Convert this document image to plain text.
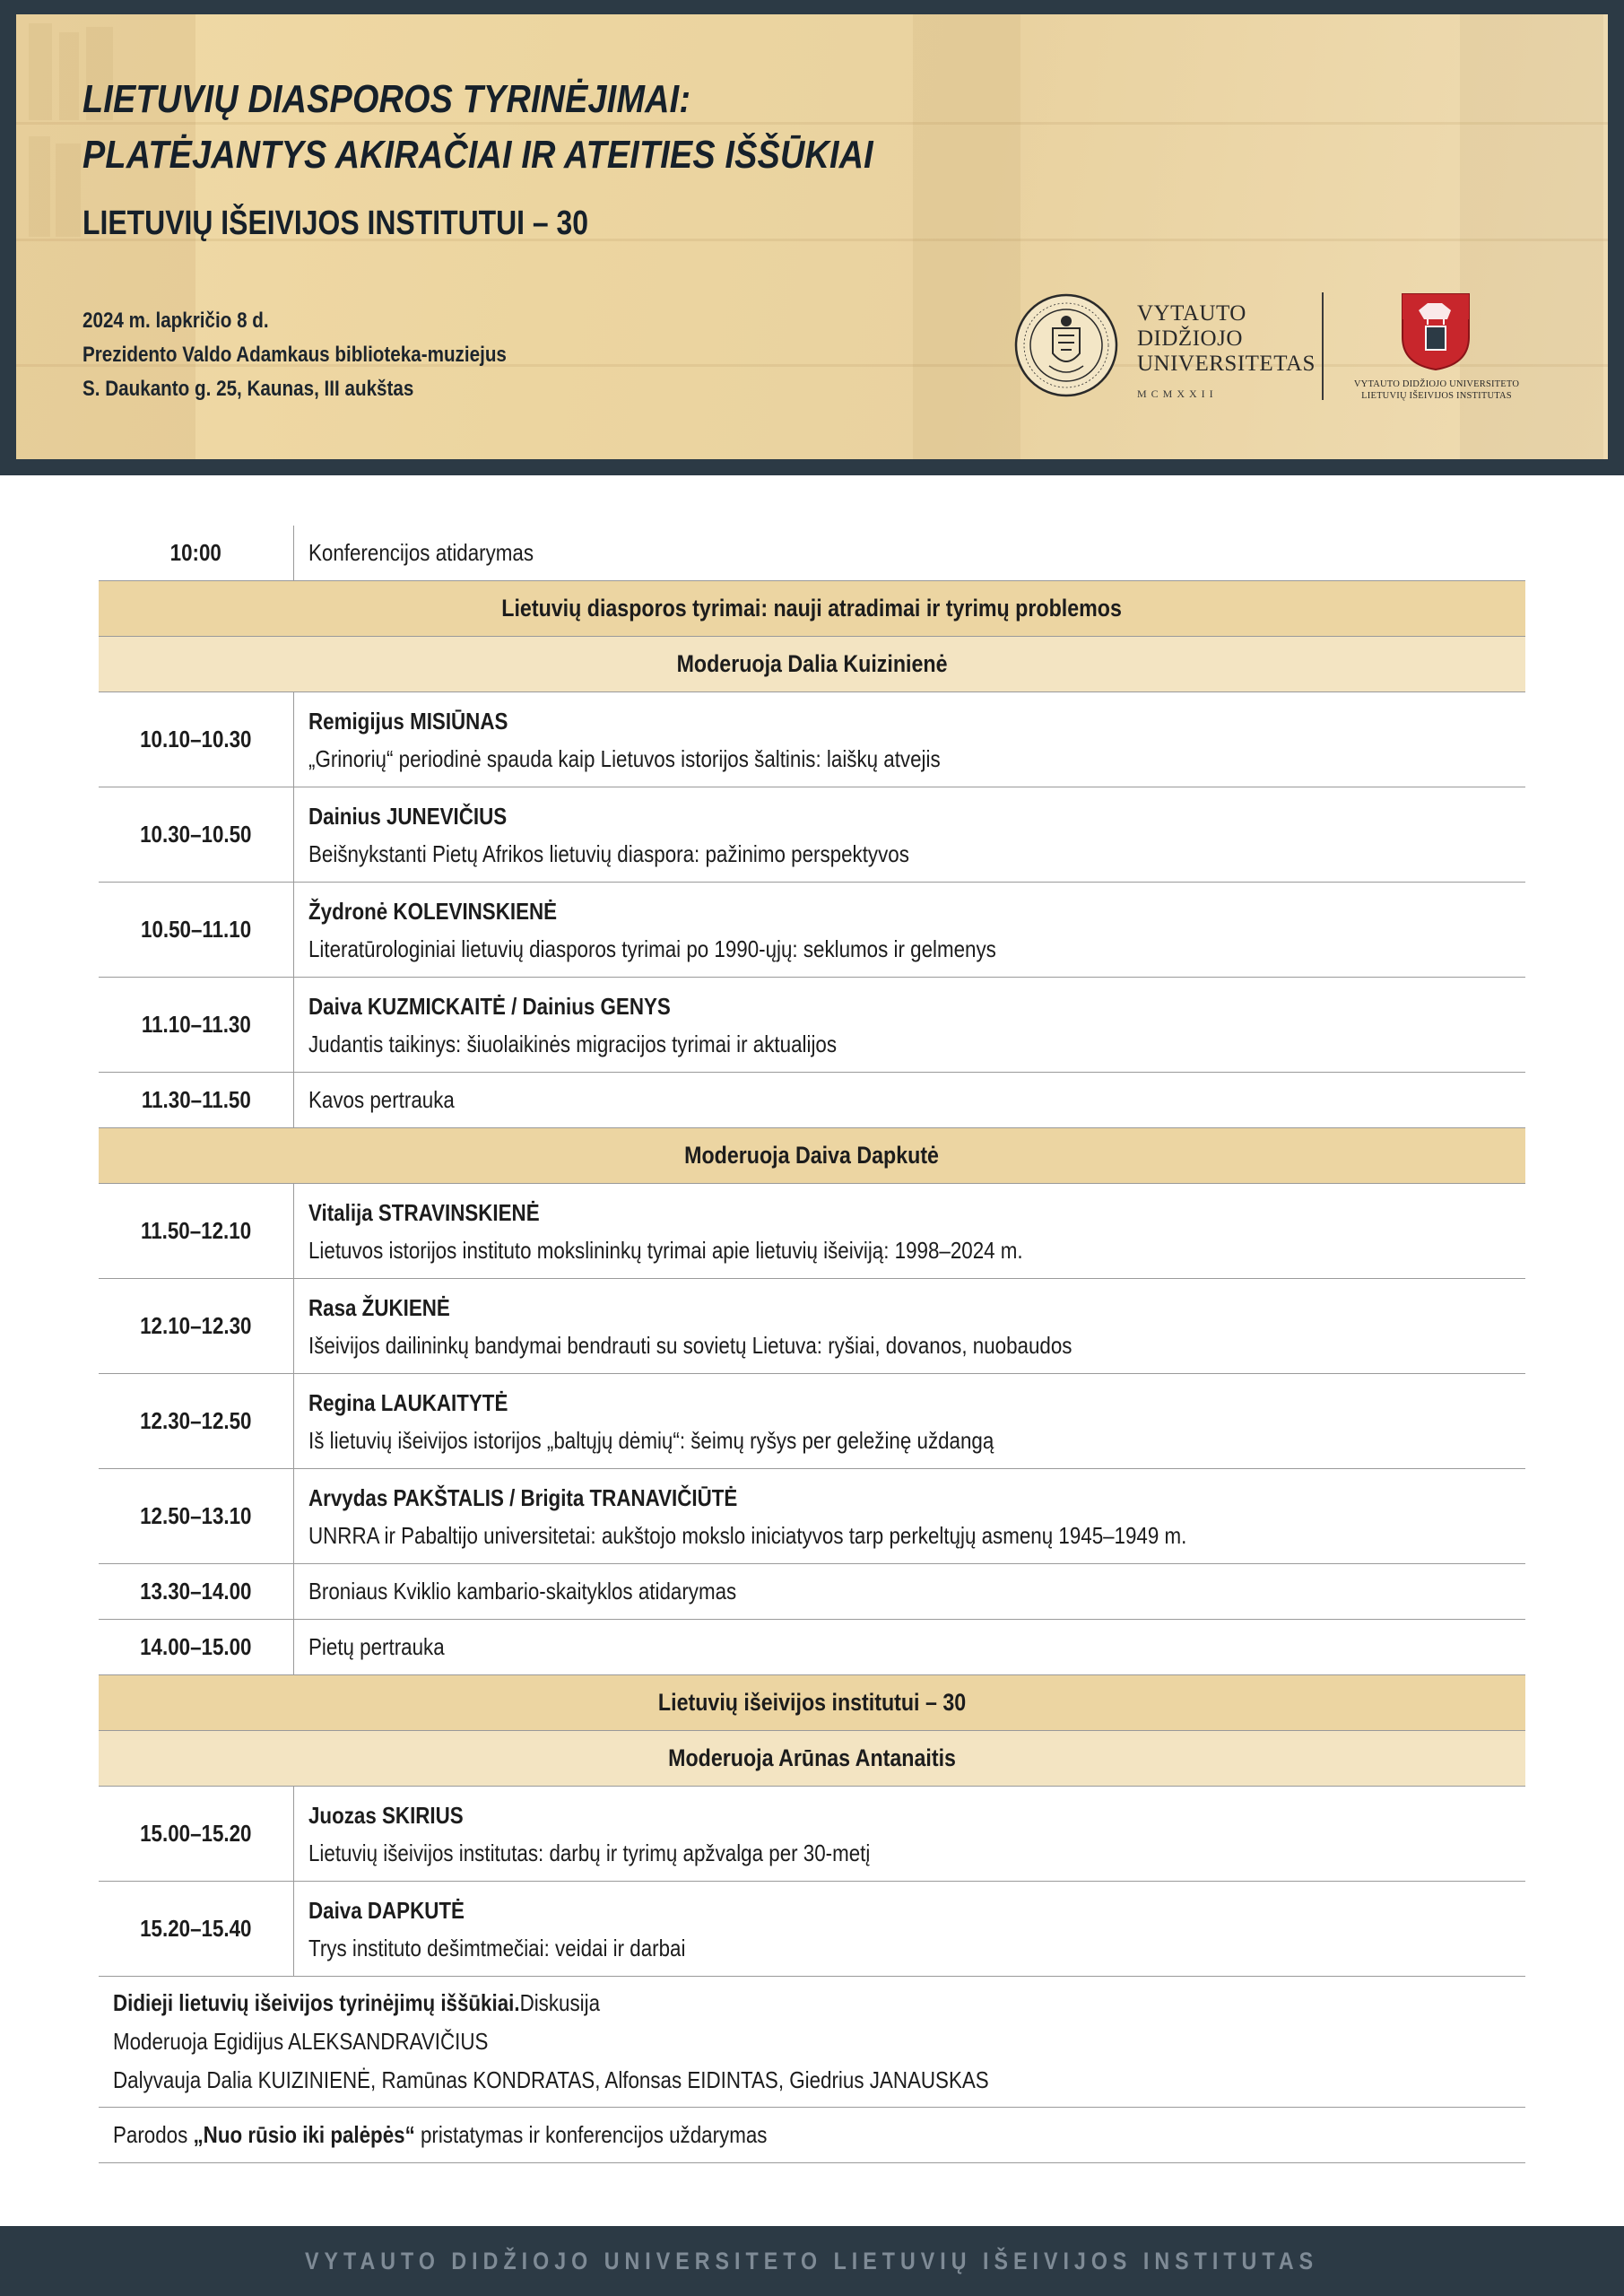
LIETUVIŲ DIASPOROS TYRINĖJIMAI:
PLATĖJANTYS AKIRAČIAI IR ATEITIES IŠŠŪKIAI
LIETUVIŲ IŠEIVIJOS INSTITUTUI – 30
2024 m. lapkričio 8 d.
Prezidento Valdo Adamkaus biblioteka-muziejus
S. Daukanto g. 25, Kaunas, III aukštas
VYTAUTO
DIDŽIOJO
UNIVERSITETAS
MCMXXII
VYTAUTO DIDŽIOJO UNIVERSITETO
LIETUVIŲ IŠEIVIJOS INSTITUTAS
10:00	Konferencijos atidarymas
Lietuvių diasporos tyrimai: nauji atradimai ir tyrimų problemos
Moderuoja Dalia Kuizinienė
10.10–10.30
Remigijus MISIŪNAS
„Grinorių“ periodinė spauda kaip Lietuvos istorijos šaltinis: laiškų atvejis
10.30–10.50
Dainius JUNEVIČIUS
Beišnykstanti Pietų Afrikos lietuvių diaspora: pažinimo perspektyvos
10.50–11.10
Žydronė KOLEVINSKIENĖ
Literatūrologiniai lietuvių diasporos tyrimai po 1990-ųjų: seklumos ir gelmenys
11.10–11.30
Daiva KUZMICKAITĖ / Dainius GENYS
Judantis taikinys: šiuolaikinės migracijos tyrimai ir aktualijos
11.30–11.50 Kavos pertrauka
Moderuoja Daiva Dapkutė
11.50–12.10
Vitalija STRAVINSKIENĖ
Lietuvos istorijos instituto mokslininkų tyrimai apie lietuvių išeiviją: 1998–2024 m.
12.10–12.30
Rasa ŽUKIENĖ
Išeivijos dailininkų bandymai bendrauti su sovietų Lietuva: ryšiai, dovanos, nuobaudos
12.30–12.50
Regina LAUKAITYTĖ
Iš lietuvių išeivijos istorijos „baltųjų dėmių“: šeimų ryšys per geležinę uždangą
12.50–13.10
Arvydas PAKŠTALIS / Brigita TRANAVIČIŪTĖ
UNRRA ir Pabaltijo universitetai: aukštojo mokslo iniciatyvos tarp perkeltųjų asmenų 1945–1949 m.
13.30–14.00 Broniaus Kviklio kambario-skaityklos atidarymas
14.00–15.00 Pietų pertrauka
Lietuvių išeivijos institutui – 30
Moderuoja Arūnas Antanaitis
15.00–15.20
Juozas SKIRIUS
Lietuvių išeivijos institutas: darbų ir tyrimų apžvalga per 30-metį
15.20–15.40
Daiva DAPKUTĖ
Trys instituto dešimtmečiai: veidai ir darbai
Didieji lietuvių išeivijos tyrinėjimų iššūkiai.Diskusija
Moderuoja Egidijus ALEKSANDRAVIČIUS
Dalyvauja Dalia KUIZINIENĖ, Ramūnas KONDRATAS, Alfonsas EIDINTAS, Giedrius JANAUSKAS
Parodos „Nuo rūsio iki palėpės“ pristatymas ir konferencijos uždarymas
VYTAUTO DIDŽIOJO UNIVERSITETO LIETUVIŲ IŠEIVIJOS INSTITUTAS
